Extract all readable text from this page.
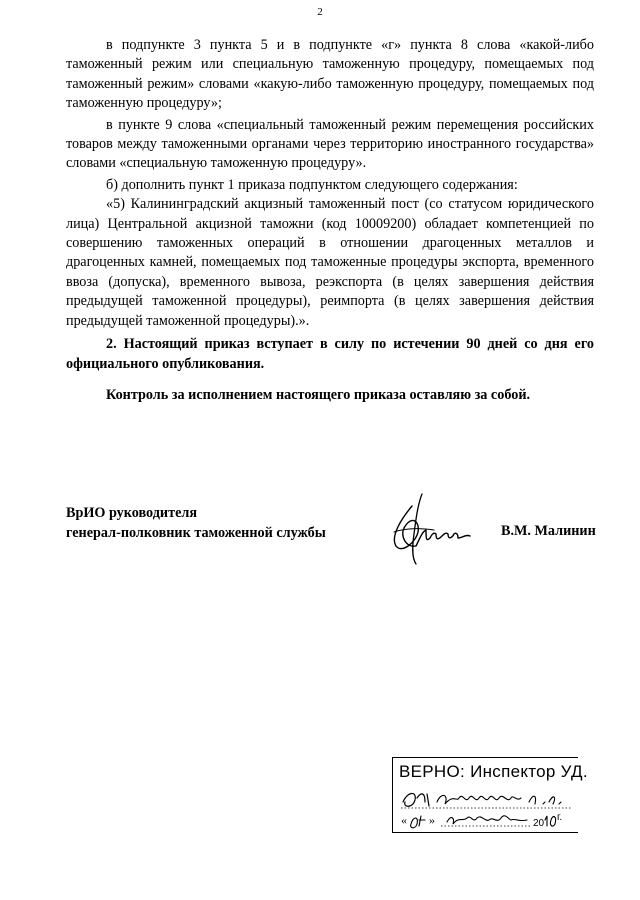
2

в подпункте 3 пункта 5 и в подпункте «г» пункта 8 слова «какой-либо таможенный режим или специальную таможенную процедуру, помещаемых под таможенный режим» словами «какую-либо таможенную процедуру, помещаемых под таможенную процедуру»;

в пункте 9 слова «специальный таможенный режим перемещения российских товаров между таможенными органами через территорию иностранного государства» словами «специальную таможенную процедуру».

б) дополнить пункт 1 приказа подпунктом следующего содержания:

«5) Калининградский акцизный таможенный пост (со статусом юридического лица) Центральной акцизной таможни (код 10009200) обладает компетенцией по совершению таможенных операций в отношении драгоценных металлов и драгоценных камней, помещаемых под таможенные процедуры экспорта, временного ввоза (допуска), временного вывоза, реэкспорта (в целях завершения действия предыдущей таможенной процедуры), реимпорта (в целях завершения действия предыдущей таможенной процедуры).».

2. Настоящий приказ вступает в силу по истечении 90 дней со дня его официального опубликования.

Контроль за исполнением настоящего приказа оставляю за собой.
ВрИО руководителя
генерал-полковник таможенной службы	В.М. Малинин
ВЕРНО: Инспектор УД.
« »	20
г.
